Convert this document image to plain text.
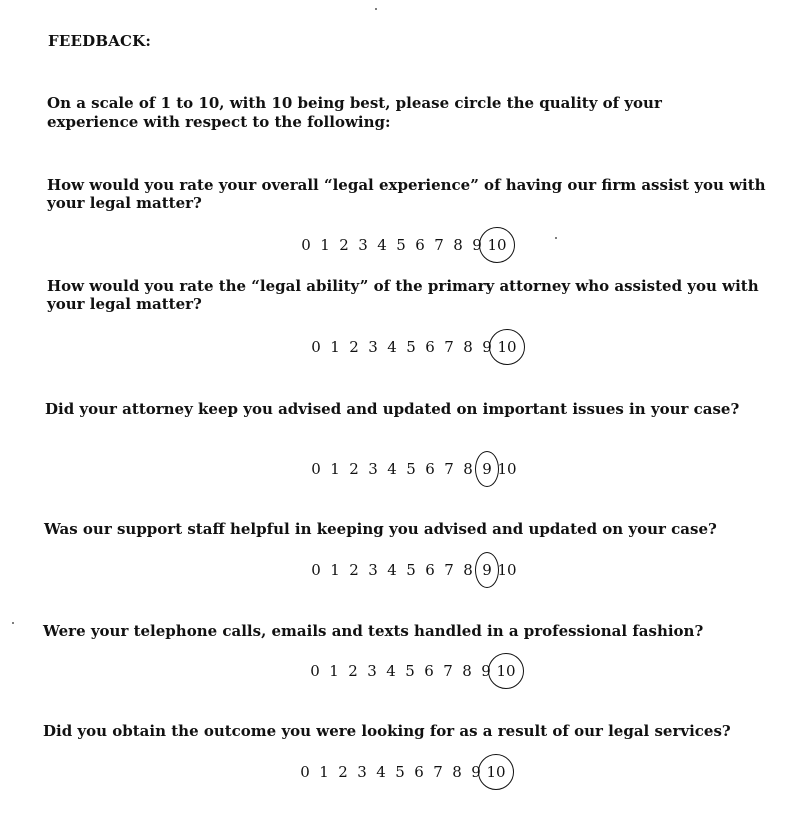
FEEDBACK:
On a scale of 1 to 10, with 10 being best, please circle the quality of your experience with respect to the following:
How would you rate your overall “legal experience” of having our firm assist you with your legal matter?
0 1 2 3 4 5 6 7 8 9 10
How would you rate the “legal ability” of the primary attorney who assisted you with your legal matter?
0 1 2 3 4 5 6 7 8 9 10
Did your attorney keep you advised and updated on important issues in your case?
0 1 2 3 4 5 6 7 8 9 10
Was our support staff helpful in keeping you advised and updated on your case?
0 1 2 3 4 5 6 7 8 9 10
Were your telephone calls, emails and texts handled in a professional fashion?
0 1 2 3 4 5 6 7 8 9 10
Did you obtain the outcome you were looking for as a result of our legal services?
0 1 2 3 4 5 6 7 8 9 10
